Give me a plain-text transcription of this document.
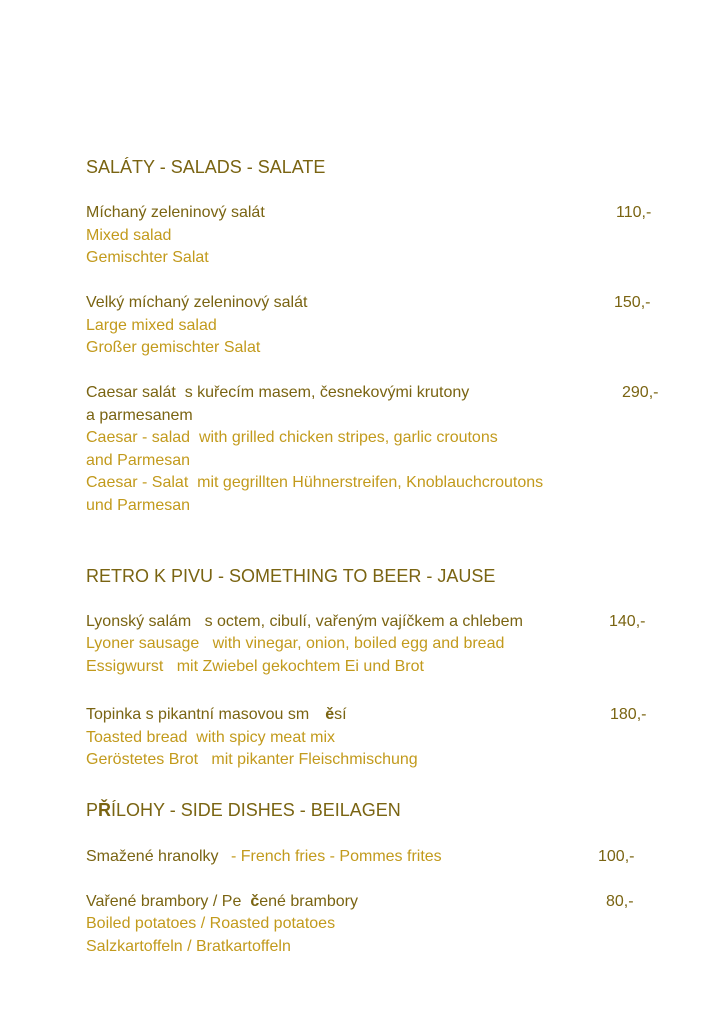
SALÁTY - SALADS - SALATE
Míchaný zeleninový salát	110,-
Mixed salad
Gemischter Salat
Velký míchaný zeleninový salát	150,-
Large mixed salad
Großer gemischter Salat
Caesar salát  s kuřecím masem, česnekovými krutony	290,-
a parmesanem
Caesar - salad  with grilled chicken stripes, garlic croutons
and Parmesan
Caesar - Salat  mit gegrillten Hühnerstreifen, Knoblauchcroutons
und Parmesan
RETRO K PIVU - SOMETHING TO BEER - JAUSE
Lyonský salám   s octem, cibulí, vařeným vajíčkem a chlebem	140,-
Lyoner sausage   with vinegar, onion, boiled egg and bread
Essigwurst   mit Zwiebel gekochtem Ei und Brot
Topinka s pikantní masovou sm ěsí	180,-
Toasted bread  with spicy meat mix
Geröstetes Brot   mit pikanter Fleischmischung
PŘÍLOHY - SIDE DISHES - BEILAGEN
Smažené hranolky - French fries - Pommes frites	100,-
Vařené brambory / Pe čené brambory	80,-
Boiled potatoes / Roasted potatoes
Salzkartoffeln / Bratkartoffeln
